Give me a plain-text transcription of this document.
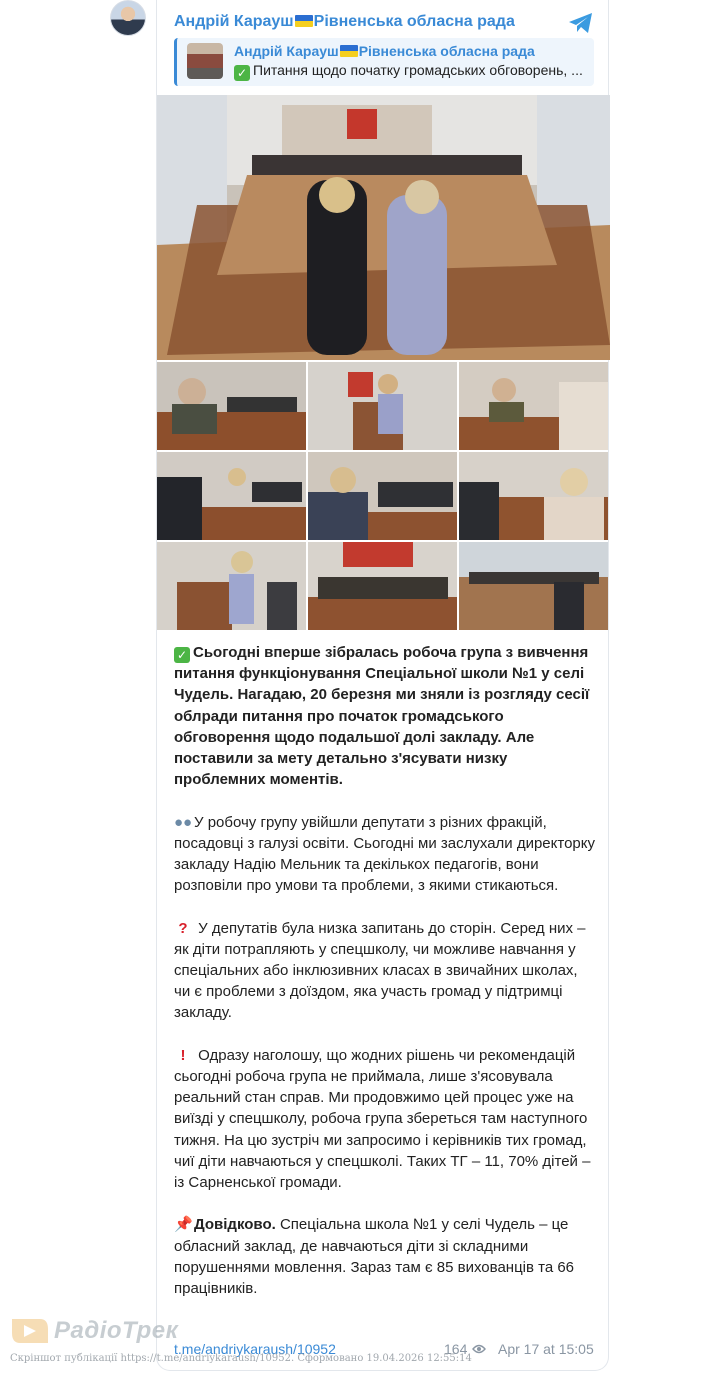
Андрій Карауш Рівненська обласна рада
Андрій Карауш Рівненська обласна рада
✓ Питання щодо початку громадських обговорень, ...

✓ Сьогодні вперше зібралась робоча група з вивчення питання функціонування Спеціальної школи №1 у селі Чудель. Нагадаю, 20 березня ми зняли із розгляду сесії облради питання про початок громадського обговорення щодо подальшої долі закладу. Але поставили за мету детально з'ясувати низку проблемних моментів.

●● У робочу групу увійшли депутати з різних фракцій, посадовці з галузі освіти. Сьогодні ми заслухали директорку закладу Надію Мельник та декількох педагогів, вони розповіли про умови та проблеми, з якими стикаються.

? У депутатів була низка запитань до сторін. Серед них – як діти потрапляють у спецшколу, чи можливе навчання у спеціальних або інклюзивних класах в звичайних школах, чи є проблеми з доїздом, яка участь громад у підтримці закладу.

! Одразу наголошу, що жодних рішень чи рекомендацій сьогодні робоча група не приймала, лише з'ясовувала реальний стан справ. Ми продовжимо цей процес уже на виїзді у спецшколу, робоча група збереться там наступного тижня. На цю зустріч ми запросимо і керівників тих громад, чиї діти навчаються у спецшколі. Таких ТГ – 11, 70% дітей – із Сарненської громади.

📌Довідково. Спеціальна школа №1 у селі Чудель – це обласний заклад, де навчаються діти зі складними порушеннями мовлення. Зараз там є 85 вихованців та 66 працівників.

t.me/andriykaraush/10952	164 Apr 17 at 15:05
РадіоТрек
Скріншот публікації https://t.me/andriykaraush/10952. Сформовано 19.04.2026 12:55:14
